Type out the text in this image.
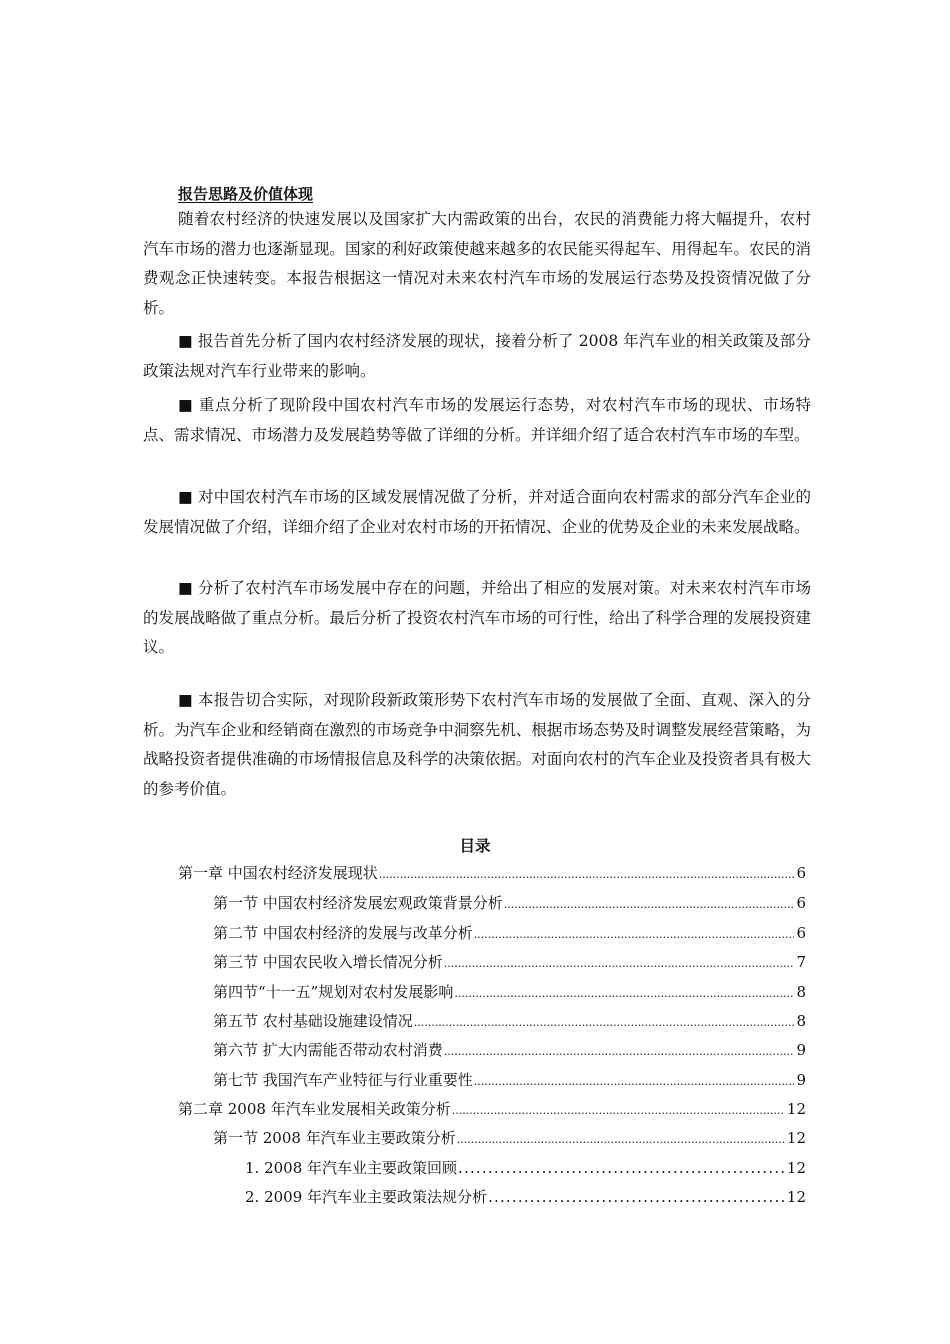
报告思路及价值体现

随着农村经济的快速发展以及国家扩大内需政策的出台，农民的消费能力将大幅提升，农村汽车市场的潜力也逐渐显现。国家的利好政策使越来越多的农民能买得起车、用得起车。农民的消费观念正快速转变。本报告根据这一情况对未来农村汽车市场的发展运行态势及投资情况做了分析。

■ 报告首先分析了国内农村经济发展的现状，接着分析了 2008 年汽车业的相关政策及部分政策法规对汽车行业带来的影响。

■ 重点分析了现阶段中国农村汽车市场的发展运行态势，对农村汽车市场的现状、市场特点、需求情况、市场潜力及发展趋势等做了详细的分析。并详细介绍了适合农村汽车市场的车型。

■ 对中国农村汽车市场的区域发展情况做了分析，并对适合面向农村需求的部分汽车企业的发展情况做了介绍，详细介绍了企业对农村市场的开拓情况、企业的优势及企业的未来发展战略。

■ 分析了农村汽车市场发展中存在的问题，并给出了相应的发展对策。对未来农村汽车市场的发展战略做了重点分析。最后分析了投资农村汽车市场的可行性，给出了科学合理的发展投资建议。

■ 本报告切合实际，对现阶段新政策形势下农村汽车市场的发展做了全面、直观、深入的分析。为汽车企业和经销商在激烈的市场竞争中洞察先机、根据市场态势及时调整发展经营策略，为战略投资者提供准确的市场情报信息及科学的决策依据。对面向农村的汽车企业及投资者具有极大的参考价值。

目录
第一章 中国农村经济发展现状 .....	6
第一节 中国农村经济发展宏观政策背景分析 .....	6
第二节 中国农村经济的发展与改革分析 .....	6
第三节 中国农民收入增长情况分析 .....	7
第四节“十一五”规划对农村发展影响 .....	8
第五节 农村基础设施建设情况 .....	8
第六节 扩大内需能否带动农村消费 .....	9
第七节 我国汽车产业特征与行业重要性 .....	9
第二章 2008 年汽车业发展相关政策分析 .....	12
第一节 2008 年汽车业主要政策分析 .....	12
1. 2008 年汽车业主要政策回顾 .....	12
2. 2009 年汽车业主要政策法规分析 .....	12
